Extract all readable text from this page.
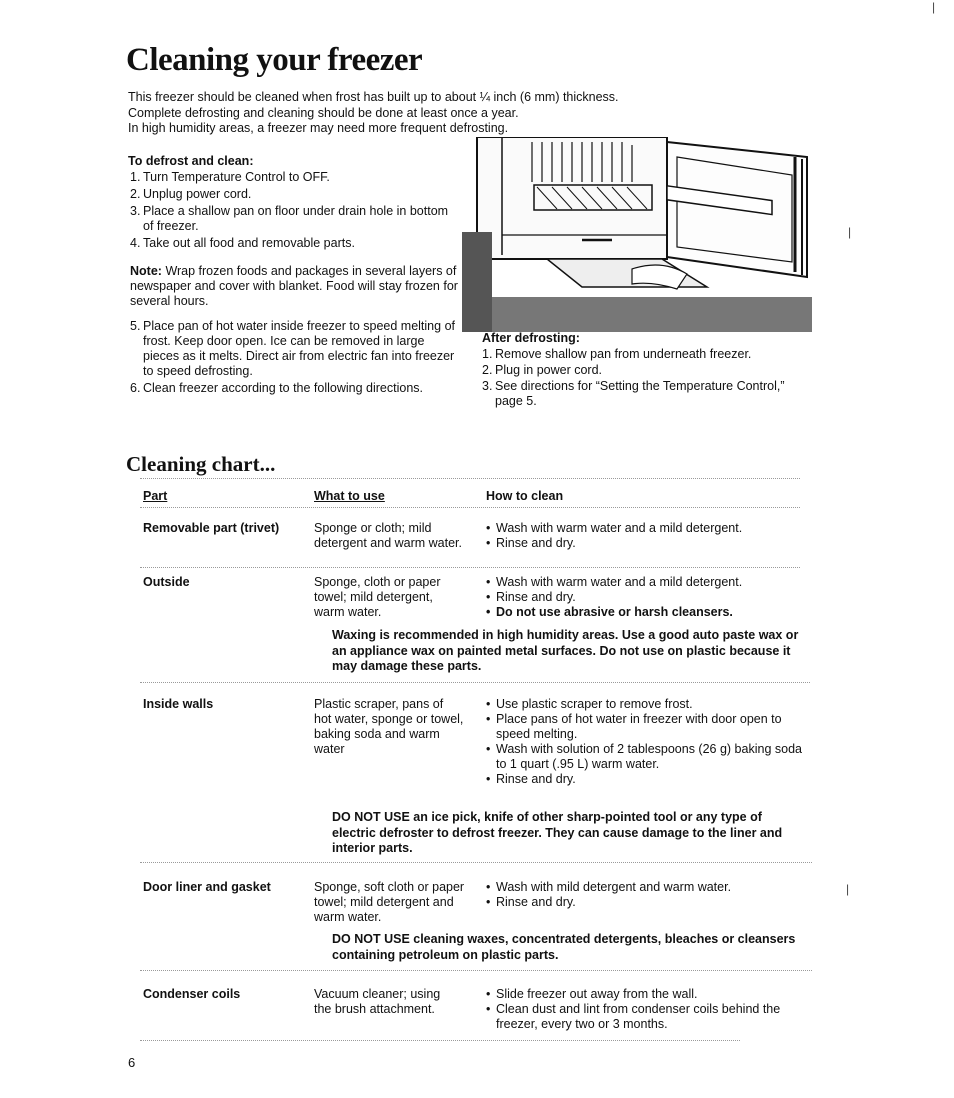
Cleaning your freezer
This freezer should be cleaned when frost has built up to about ¼ inch (6 mm) thickness.
Complete defrosting and cleaning should be done at least once a year.
In high humidity areas, a freezer may need more frequent defrosting.
To defrost and clean:
1. Turn Temperature Control to OFF.
2. Unplug power cord.
3. Place a shallow pan on floor under drain hole in bottom of freezer.
4. Take out all food and removable parts.
Note: Wrap frozen foods and packages in several layers of newspaper and cover with blanket. Food will stay frozen for several hours.
5. Place pan of hot water inside freezer to speed melting of frost. Keep door open. Ice can be removed in large pieces as it melts. Direct air from electric fan into freezer to speed defrosting.
6. Clean freezer according to the following directions.
After defrosting:
1. Remove shallow pan from underneath freezer.
2. Plug in power cord.
3. See directions for “Setting the Temperature Control,” page 5.
Cleaning chart...
Part	What to use	How to clean
Removable part (trivet)	Sponge or cloth; mild detergent and warm water.
• Wash with warm water and a mild detergent.
• Rinse and dry.
Outside	Sponge, cloth or paper towel; mild detergent, warm water.
• Wash with warm water and a mild detergent.
• Rinse and dry.
• Do not use abrasive or harsh cleansers.
Waxing is recommended in high humidity areas. Use a good auto paste wax or an appliance wax on painted metal surfaces. Do not use on plastic because it may damage these parts.
Inside walls	Plastic scraper, pans of hot water, sponge or towel, baking soda and warm water
• Use plastic scraper to remove frost.
• Place pans of hot water in freezer with door open to speed melting.
• Wash with solution of 2 tablespoons (26 g) baking soda to 1 quart (.95 L) warm water.
• Rinse and dry.
DO NOT USE an ice pick, knife of other sharp-pointed tool or any type of electric defroster to defrost freezer. They can cause damage to the liner and interior parts.
Door liner and gasket	Sponge, soft cloth or paper towel; mild detergent and warm water.
• Wash with mild detergent and warm water.
• Rinse and dry.
DO NOT USE cleaning waxes, concentrated detergents, bleaches or cleansers containing petroleum on plastic parts.
Condenser coils	Vacuum cleaner; using the brush attachment.
• Slide freezer out away from the wall.
• Clean dust and lint from condenser coils behind the freezer, every two or 3 months.
6
|
|
|
